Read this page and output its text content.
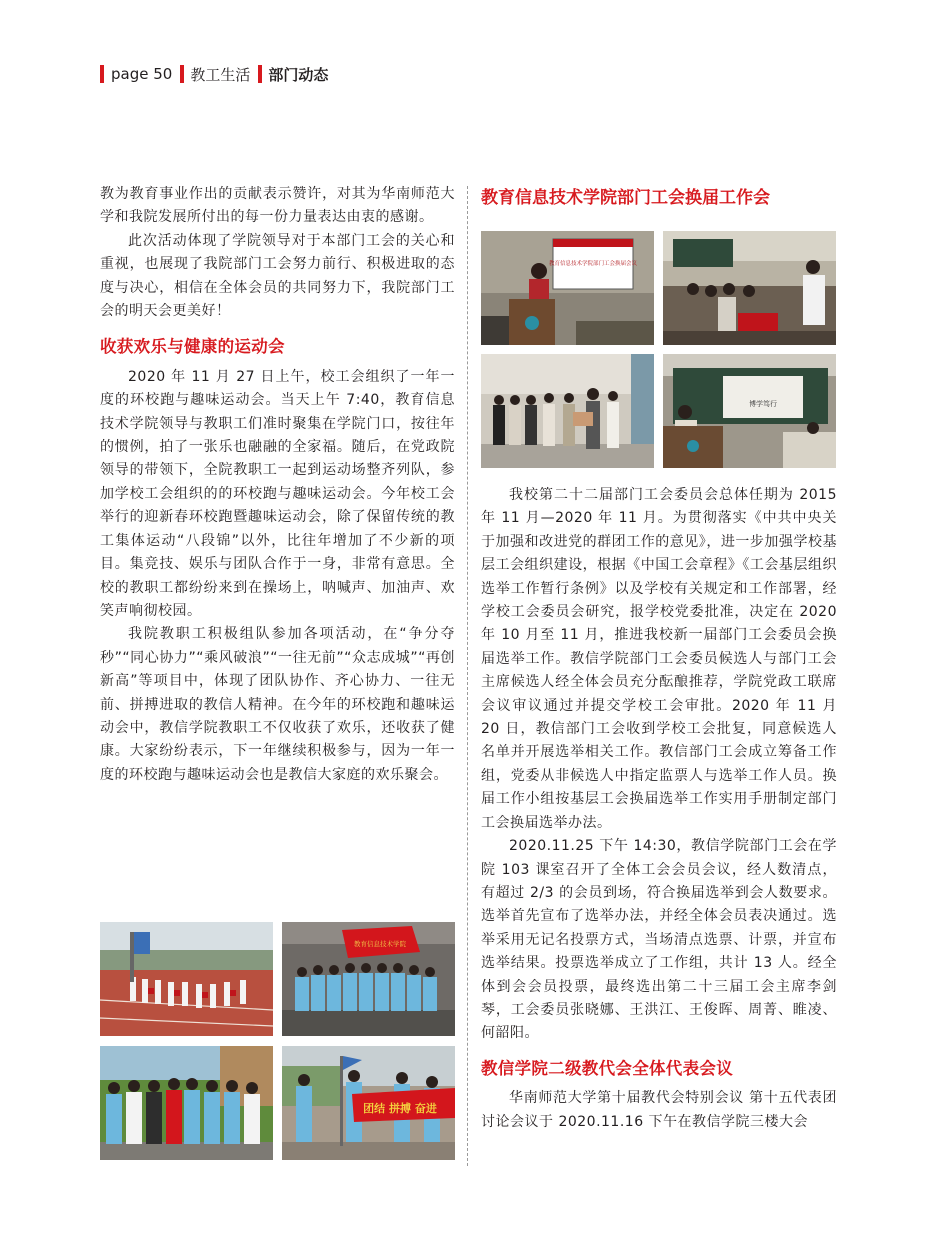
page 50 教工生活 部门动态

教为教育事业作出的贡献表示赞许，对其为华南师范大学和我院发展所付出的每一份力量表达由衷的感谢。

此次活动体现了学院领导对于本部门工会的关心和重视，也展现了我院部门工会努力前行、积极进取的态度与决心，相信在全体会员的共同努力下，我院部门工会的明天会更美好！

收获欢乐与健康的运动会

2020 年 11 月 27 日上午，校工会组织了一年一度的环校跑与趣味运动会。当天上午 7:40，教育信息技术学院领导与教职工们准时聚集在学院门口，按往年的惯例，拍了一张乐也融融的全家福。随后，在党政院领导的带领下，全院教职工一起到运动场整齐列队，参加学校工会组织的的环校跑与趣味运动会。今年校工会举行的迎新春环校跑暨趣味运动会，除了保留传统的教工集体运动“八段锦”以外，比往年增加了不少新的项目。集竞技、娱乐与团队合作于一身，非常有意思。全校的教职工都纷纷来到在操场上，呐喊声、加油声、欢笑声响彻校园。

我院教职工积极组队参加各项活动，在“争分夺秒”“同心协力”“乘风破浪”“一往无前”“众志成城”“再创新高”等项目中，体现了团队协作、齐心协力、一往无前、拼搏进取的教信人精神。在今年的环校跑和趣味运动会中，教信学院教职工不仅收获了欢乐，还收获了健康。大家纷纷表示，下一年继续积极参与，因为一年一度的环校跑与趣味运动会也是教信大家庭的欢乐聚会。

教育信息技术学院部门工会换届工作会
教育信息技术学院部门工会换届会议
博学笃行

我校第二十二届部门工会委员会总体任期为 2015 年 11 月—2020 年 11 月。为贯彻落实《中共中央关于加强和改进党的群团工作的意见》，进一步加强学校基层工会组织建设，根据《中国工会章程》《工会基层组织选举工作暂行条例》以及学校有关规定和工作部署，经学校工会委员会研究，报学校党委批准，决定在 2020 年 10 月至 11 月，推进我校新一届部门工会委员会换届选举工作。教信学院部门工会委员候选人与部门工会主席候选人经全体会员充分酝酿推荐，学院党政工联席会议审议通过并提交学校工会审批。2020 年 11 月 20 日，教信部门工会收到学校工会批复，同意候选人名单并开展选举相关工作。教信部门工会成立筹备工作组，党委从非候选人中指定监票人与选举工作人员。换届工作小组按基层工会换届选举工作实用手册制定部门工会换届选举办法。

2020.11.25 下午 14:30，教信学院部门工会在学院 103 课室召开了全体工会会员会议，经人数清点，有超过 2/3 的会员到场，符合换届选举到会人数要求。选举首先宣布了选举办法，并经全体会员表决通过。选举采用无记名投票方式，当场清点选票、计票，并宣布选举结果。投票选举成立了工作组，共计 13 人。经全体到会会员投票，最终选出第二十三届工会主席李剑琴，工会委员张晓娜、王洪江、王俊晖、周菁、睢凌、何韶阳。

教信学院二级教代会全体代表会议

华南师范大学第十届教代会特别会议 第十五代表团讨论会议于 2020.11.16 下午在教信学院三楼大会

教育信息技术学院
团结 拼搏 奋进
